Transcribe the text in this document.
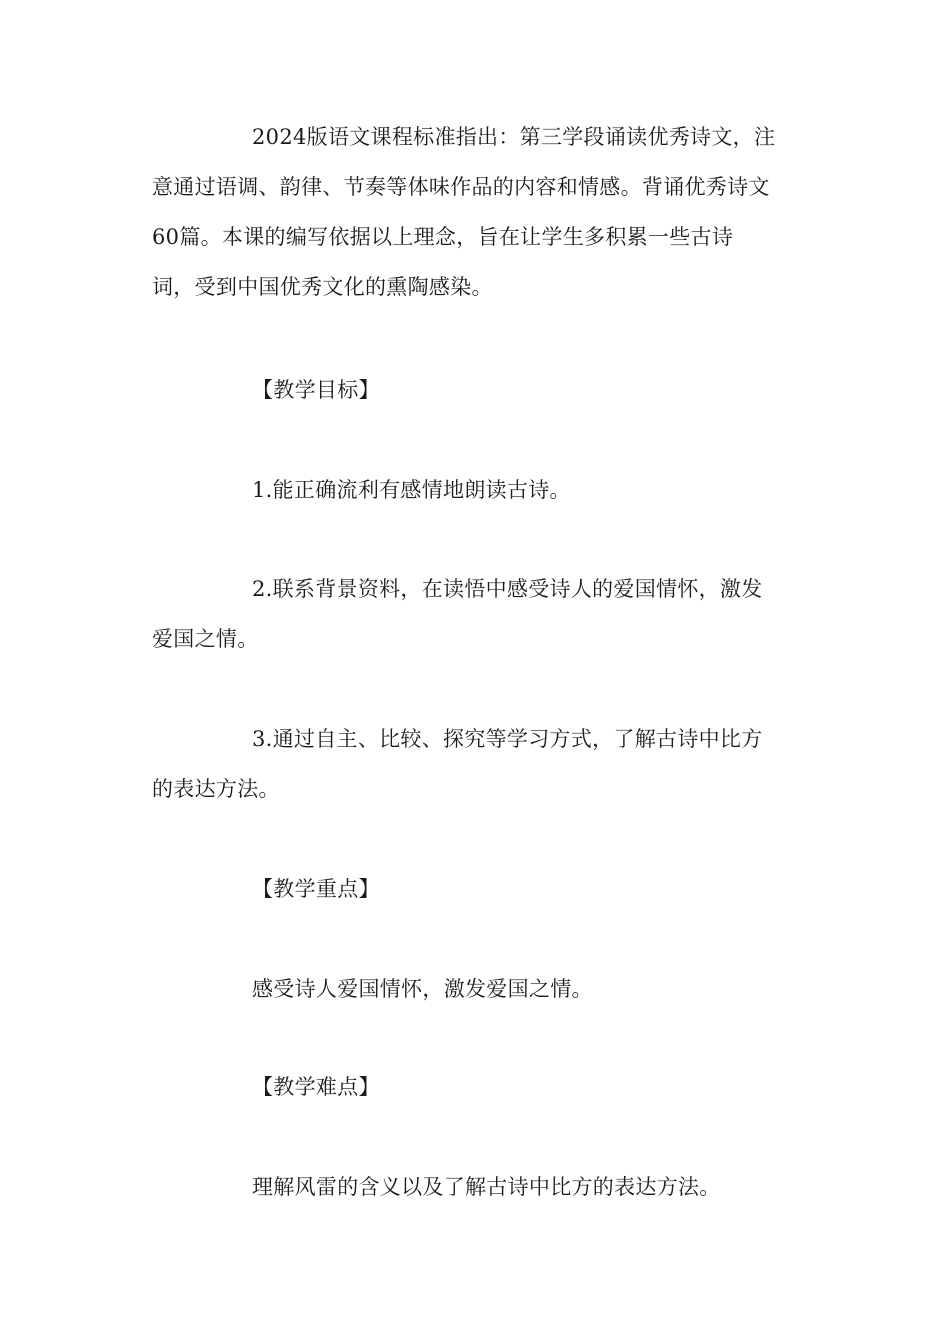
2024版语文课程标准指出：第三学段诵读优秀诗文，注
意通过语调、韵律、节奏等体味作品的内容和情感。背诵优秀诗文
60篇。本课的编写依据以上理念，旨在让学生多积累一些古诗
词，受到中国优秀文化的熏陶感染。
【教学目标】
1.能正确流利有感情地朗读古诗。
2.联系背景资料，在读悟中感受诗人的爱国情怀，激发
爱国之情。
3.通过自主、比较、探究等学习方式，了解古诗中比方
的表达方法。
【教学重点】
感受诗人爱国情怀，激发爱国之情。
【教学难点】
理解风雷的含义以及了解古诗中比方的表达方法。
